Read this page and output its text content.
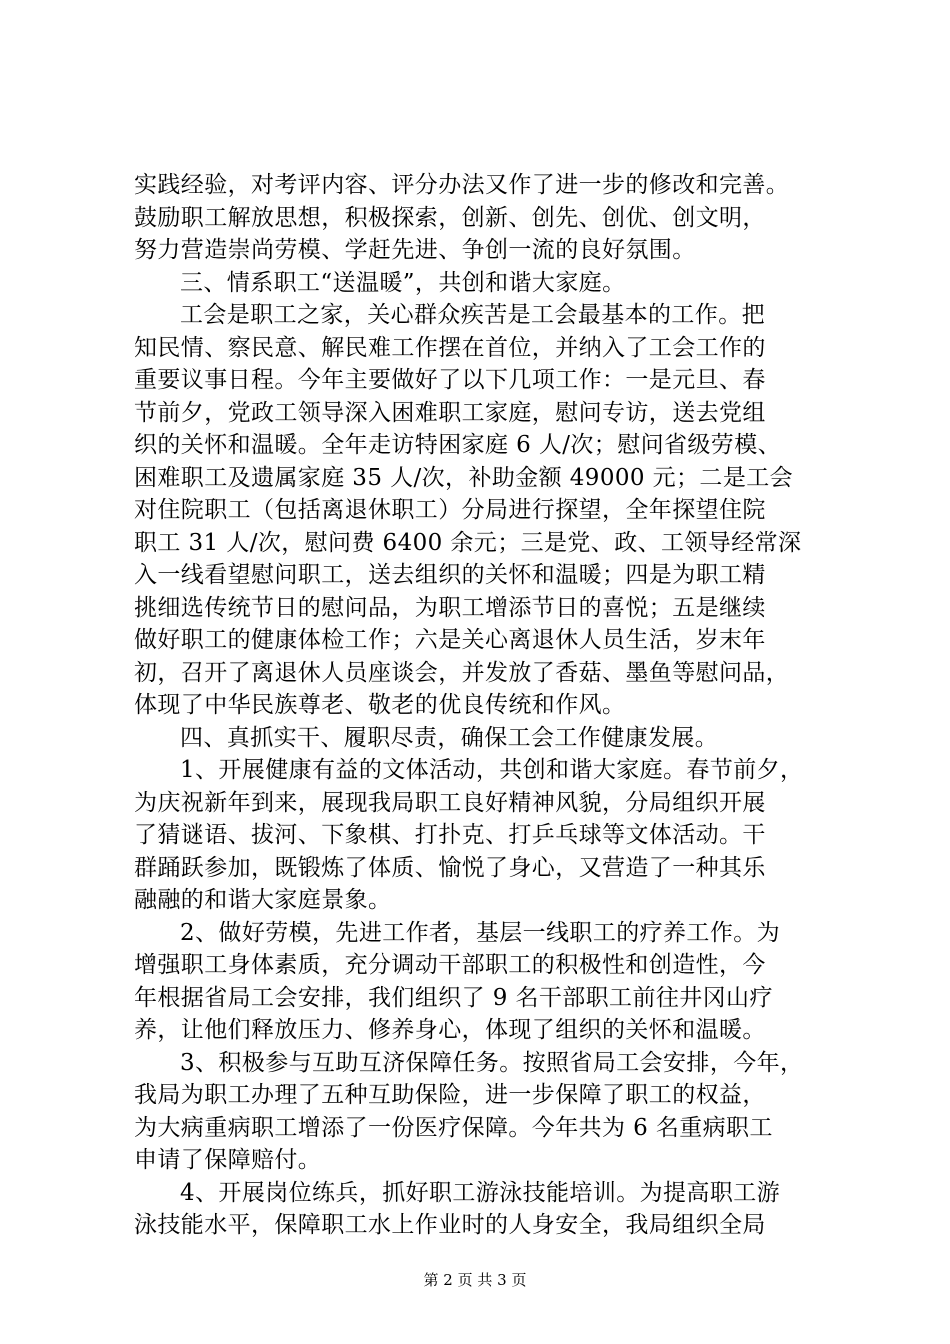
实践经验，对考评内容、评分办法又作了进一步的修改和完善。
鼓励职工解放思想，积极探索，创新、创先、创优、创文明，
努力营造崇尚劳模、学赶先进、争创一流的良好氛围。
三、情系职工“送温暖”，共创和谐大家庭。
工会是职工之家，关心群众疾苦是工会最基本的工作。把
知民情、察民意、解民难工作摆在首位，并纳入了工会工作的
重要议事日程。今年主要做好了以下几项工作：一是元旦、春
节前夕，党政工领导深入困难职工家庭，慰问专访，送去党组
织的关怀和温暖。全年走访特困家庭 6 人/次；慰问省级劳模、
困难职工及遗属家庭 35 人/次，补助金额 49000 元；二是工会
对住院职工（包括离退休职工）分局进行探望，全年探望住院
职工 31 人/次，慰问费 6400 余元；三是党、政、工领导经常深
入一线看望慰问职工，送去组织的关怀和温暖；四是为职工精
挑细选传统节日的慰问品，为职工增添节日的喜悦；五是继续
做好职工的健康体检工作；六是关心离退休人员生活，岁末年
初，召开了离退休人员座谈会，并发放了香菇、墨鱼等慰问品，
体现了中华民族尊老、敬老的优良传统和作风。
四、真抓实干、履职尽责，确保工会工作健康发展。
1、开展健康有益的文体活动，共创和谐大家庭。春节前夕，
为庆祝新年到来，展现我局职工良好精神风貌，分局组织开展
了猜谜语、拔河、下象棋、打扑克、打乒乓球等文体活动。干
群踊跃参加，既锻炼了体质、愉悦了身心，又营造了一种其乐
融融的和谐大家庭景象。
2、做好劳模，先进工作者，基层一线职工的疗养工作。为
增强职工身体素质，充分调动干部职工的积极性和创造性，今
年根据省局工会安排，我们组织了 9 名干部职工前往井冈山疗
养，让他们释放压力、修养身心，体现了组织的关怀和温暖。
3、积极参与互助互济保障任务。按照省局工会安排，今年，
我局为职工办理了五种互助保险，进一步保障了职工的权益，
为大病重病职工增添了一份医疗保障。今年共为 6 名重病职工
申请了保障赔付。
4、开展岗位练兵，抓好职工游泳技能培训。为提高职工游
泳技能水平，保障职工水上作业时的人身安全，我局组织全局
第 2 页 共 3 页
